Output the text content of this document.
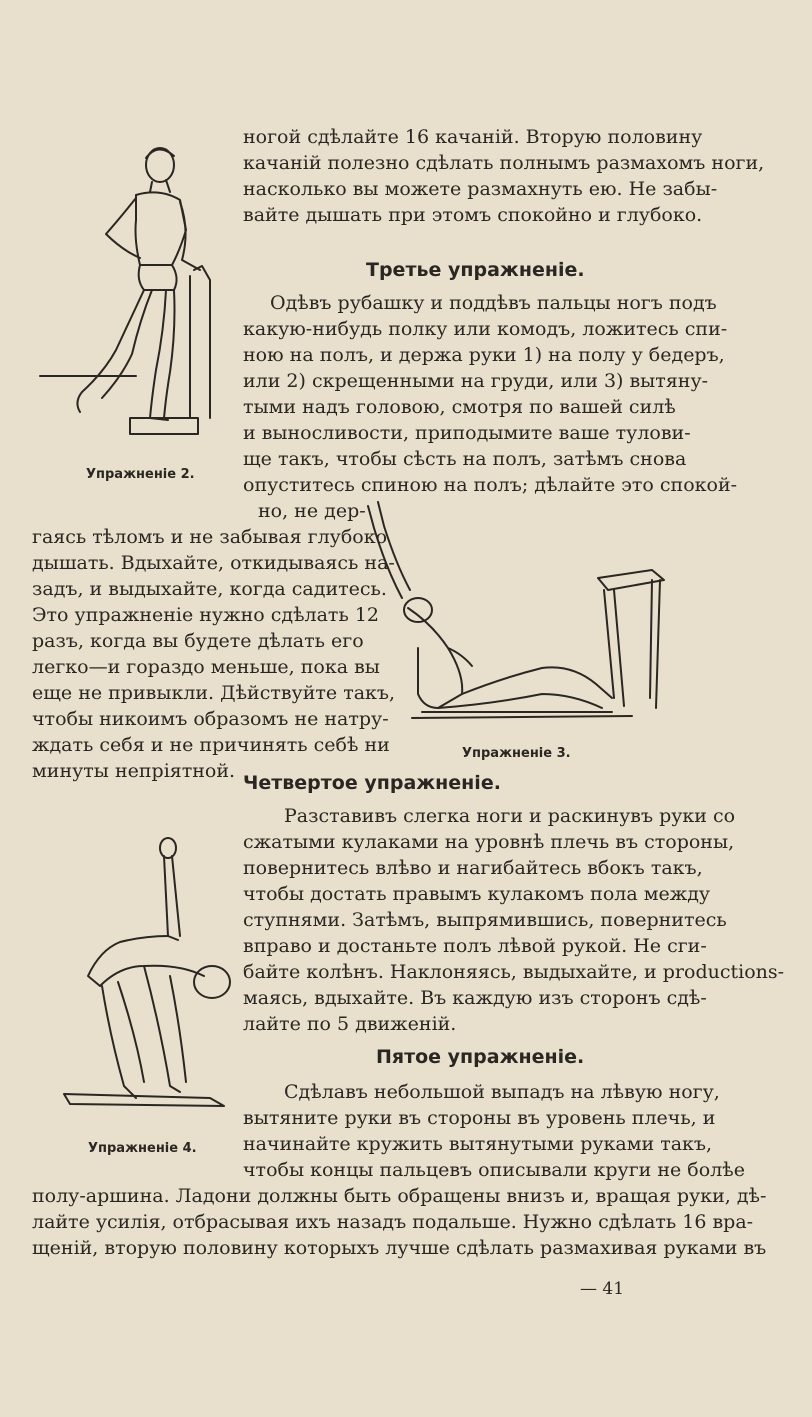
ногой сдѣлайте 16 качаній. Вторую половину
качаній полезно сдѣлать полнымъ размахомъ ноги,
насколько вы можете размахнуть ею. Не забы-
вайте дышать при этомъ спокойно и глубоко.
Третье упражненіе.
Одѣвъ рубашку и поддѣвъ пальцы ногъ подъ
какую-нибудь полку или комодъ, ложитесь спи-
ною на полъ, и держа руки 1) на полу у бедеръ,
или 2) скрещенными на груди, или 3) вытяну-
тыми надъ головою, смотря по вашей силѣ
и выносливости, приподымите ваше тулови-
ще такъ, чтобы сѣсть на полъ, затѣмъ снова
опуститесь спиною на полъ; дѣлайте это спокой-
но, не дер-
Упражненіе 2.
гаясь тѣломъ и не забывая глубоко
дышать. Вдыхайте, откидываясь на-
задъ, и выдыхайте, когда садитесь.
Это упражненіе нужно сдѣлать 12
разъ, когда вы будете дѣлать его
легко—и гораздо меньше, пока вы
еще не привыкли. Дѣйствуйте такъ,
чтобы никоимъ образомъ не натру-
ждать себя и не причинять себѣ ни
минуты непріятной.
Упражненіе 3.
Четвертое упражненіе.
Разставивъ слегка ноги и раскинувъ руки со
сжатыми кулаками на уровнѣ плечь въ стороны,
повернитесь влѣво и нагибайтесь вбокъ такъ,
чтобы достать правымъ кулакомъ пола между
ступнями. Затѣмъ, выпрямившись, повернитесь
вправо и достаньте полъ лѣвой рукой. Не сги-
байте колѣнъ. Наклоняясь, выдыхайте, и productions-
маясь, вдыхайте. Въ каждую изъ сторонъ сдѣ-
лайте по 5 движеній.
Пятое упражненіе.
Сдѣлавъ небольшой выпадъ на лѣвую ногу,
вытяните руки въ стороны въ уровень плечь, и
начинайте кружить вытянутыми руками такъ,
чтобы концы пальцевъ описывали круги не болѣе
полу-аршина. Ладони должны быть обращены внизъ и, вращая руки, дѣ-
лайте усилія, отбрасывая ихъ назадъ подальше. Нужно сдѣлать 16 вра-
щеній, вторую половину которыхъ лучше сдѣлать размахивая руками въ
Упражненіе 4.
— 41
